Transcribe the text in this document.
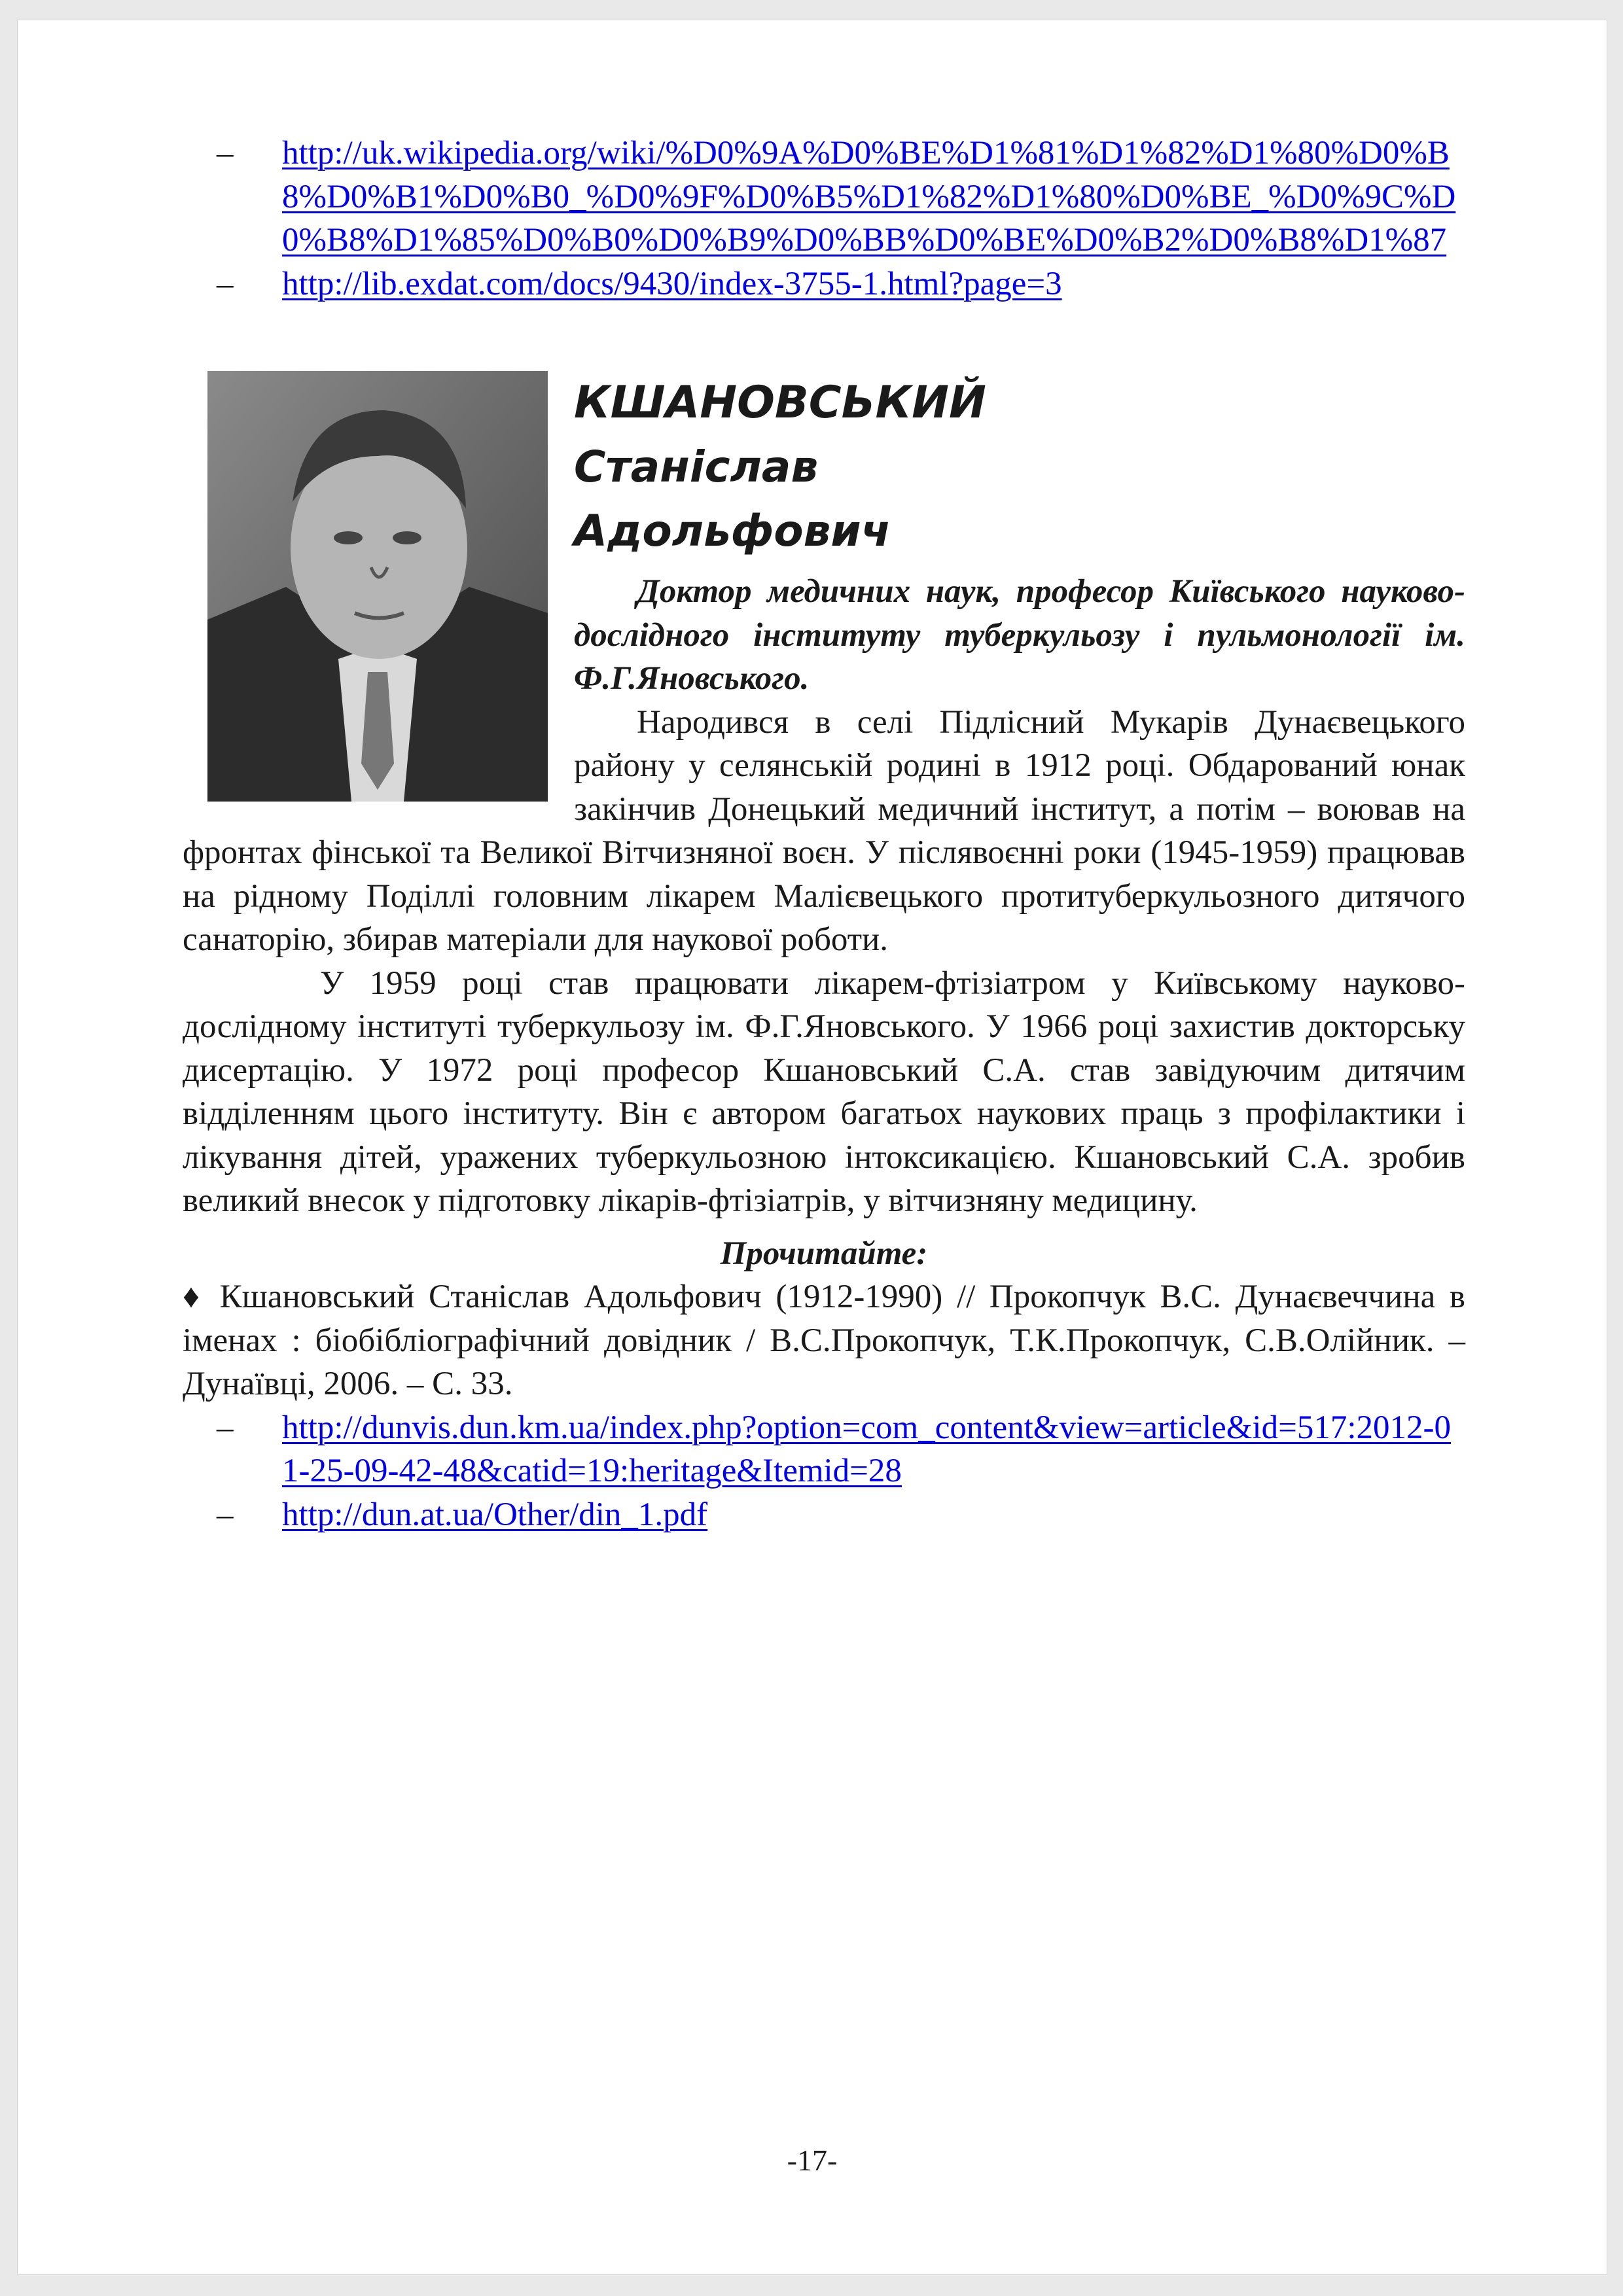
– http://uk.wikipedia.org/wiki/%D0%9A%D0%BE%D1%81%D1%82%D1%80%D0%B8%D0%B1%D0%B0_%D0%9F%D0%B5%D1%82%D1%80%D0%BE_%D0%9C%D0%B8%D1%85%D0%B0%D0%B9%D0%BB%D0%BE%D0%B2%D0%B8%D1%87
– http://lib.exdat.com/docs/9430/index-3755-1.html?page=3
КШАНОВСЬКИЙ
Станіслав
Адольфович

Доктор медичних наук, професор Київського науково-дослідного інституту туберкульозу і пульмонології ім. Ф.Г.Яновського.

Народився в селі Підлісний Мукарів Дунаєвецького району у селянській родині в 1912 році. Обдарований юнак закінчив Донецький медичний інститут, а потім – воював на фронтах фінської та Великої Вітчизняної воєн. У післявоєнні роки (1945-1959) працював на рідному Поділлі головним лікарем Малієвецького протитуберкульозного дитячого санаторію, збирав матеріали для наукової роботи.

У 1959 році став працювати лікарем-фтізіатром у Київському науково-дослідному інституті туберкульозу ім. Ф.Г.Яновського. У 1966 році захистив докторську дисертацію. У 1972 році професор Кшановський С.А. став завідуючим дитячим відділенням цього інституту. Він є автором багатьох наукових праць з профілактики і лікування дітей, уражених туберкульозною інтоксикацією. Кшановський С.А. зробив великий внесок у підготовку лікарів-фтізіатрів, у вітчизняну медицину.

Прочитайте:

♦ Кшановський Станіслав Адольфович (1912-1990) // Прокопчук В.С. Дунаєвеччина в іменах : біобібліографічний довідник / В.С.Прокопчук, Т.К.Прокопчук, С.В.Олійник. – Дунаївці, 2006. – С. 33.

– http://dunvis.dun.km.ua/index.php?option=com_content&view=article&id=517:2012-01-25-09-42-48&catid=19:heritage&Itemid=28
– http://dun.at.ua/Other/din_1.pdf
-17-
